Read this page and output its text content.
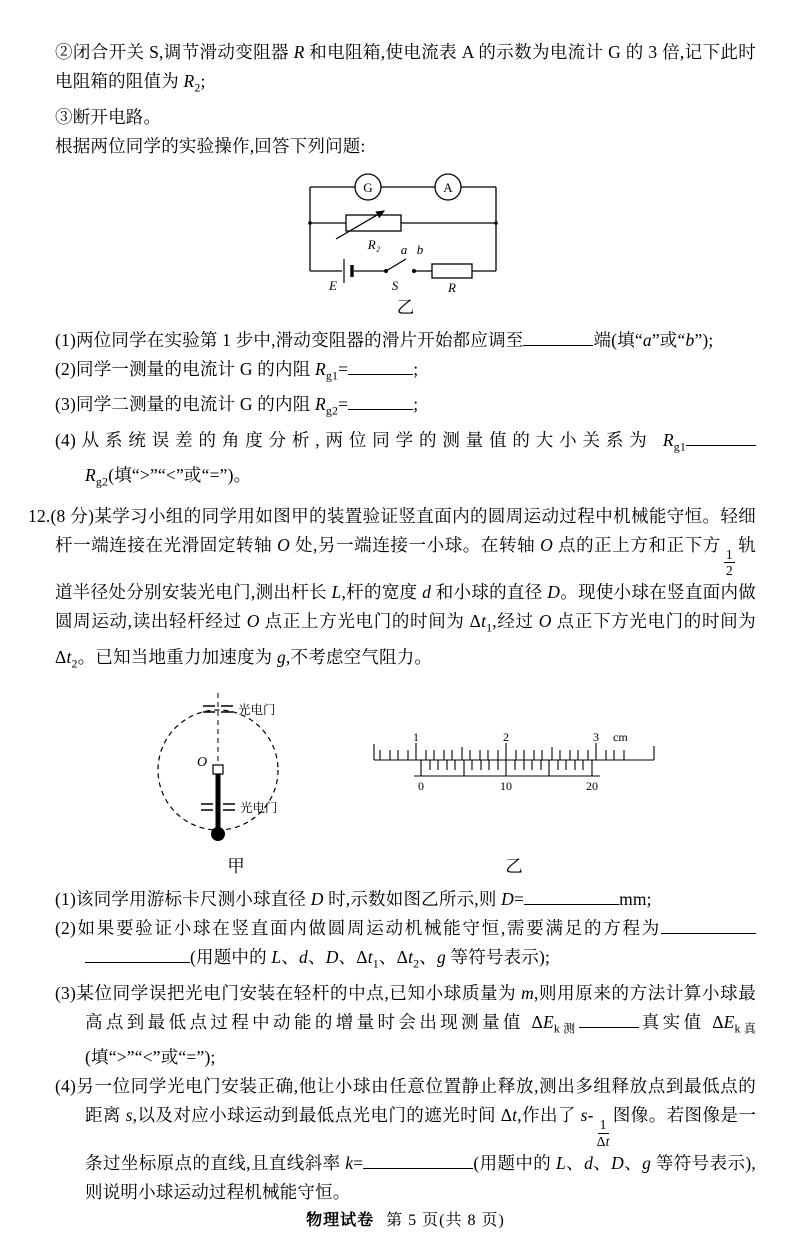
②闭合开关 S,调节滑动变阻器 R 和电阻箱,使电流表 A 的示数为电流计 G 的 3 倍,记下此时电阻箱的阻值为 $R_2$;

③断开电路。

根据两位同学的实验操作,回答下列问题:

G	A
R₂
E	S
a b
R
乙

(1)两位同学在实验第 1 步中,滑动变阻器的滑片开始都应调至	端(填“a”或“b”);

(2)同学一测量的电流计 G 的内阻 $R_{g1}=$	;

(3)同学二测量的电流计 G 的内阻 $R_{g2}=$	;

(4)从系统误差的角度分析,两位同学的测量值的大小关系为 $R_{g1}R_{g2}$(填“>”“<”或“=”)。

12.(8 分)某学习小组的同学用如图甲的装置验证竖直面内的圆周运动过程中机械能守恒。轻细杆一端连接在光滑固定转轴 O 处,另一端连接一小球。在转轴 O 点的正上方和正下方
$\frac{1}{2}$
轨道半径处分别安装光电门,测出杆长 L,杆的宽度 d 和小球的直径 D。现使小球在竖直面内做圆周运动,读出轻杆经过 O 点正上方光电门的时间为 $\Delta t_1$,经过 O 点正下方光电门的时间为 $\Delta t_2$。已知当地重力加速度为 g,不考虑空气阻力。

O
光电门
光电门
甲
1	2	3 cm
0	10	20
乙

(1)该同学用游标卡尺测小球直径 D 时,示数如图乙所示,则 D=	mm;

(2)如果要验证小球在竖直面内做圆周运动机械能守恒,需要满足的方程为(用题中的 L、d、D、$\Delta t_1$、$\Delta t_2$、g 等符号表示);

(3)某位同学误把光电门安装在轻杆的中点,已知小球质量为 m,则用原来的方法计算小球最高点到最低点过程中动能的增量时会出现测量值 $\Delta E_{k测}$	真实值 $\Delta E_{k真}$(填“>”“<”或“=”);

(4)另一位同学光电门安装正确,他让小球由任意位置静止释放,测出多组释放点到最低点的距离 s,以及对应小球运动到最低点光电门的遮光时间 Δt,作出了 s-
$\frac{1}{\Delta t}$
图像。若图像是一条过坐标原点的直线,且直线斜率 k=	(用题中的 L、d、D、g 等符号表示),则说明小球运动过程机械能守恒。

物理试卷 第 5 页(共 8 页)
